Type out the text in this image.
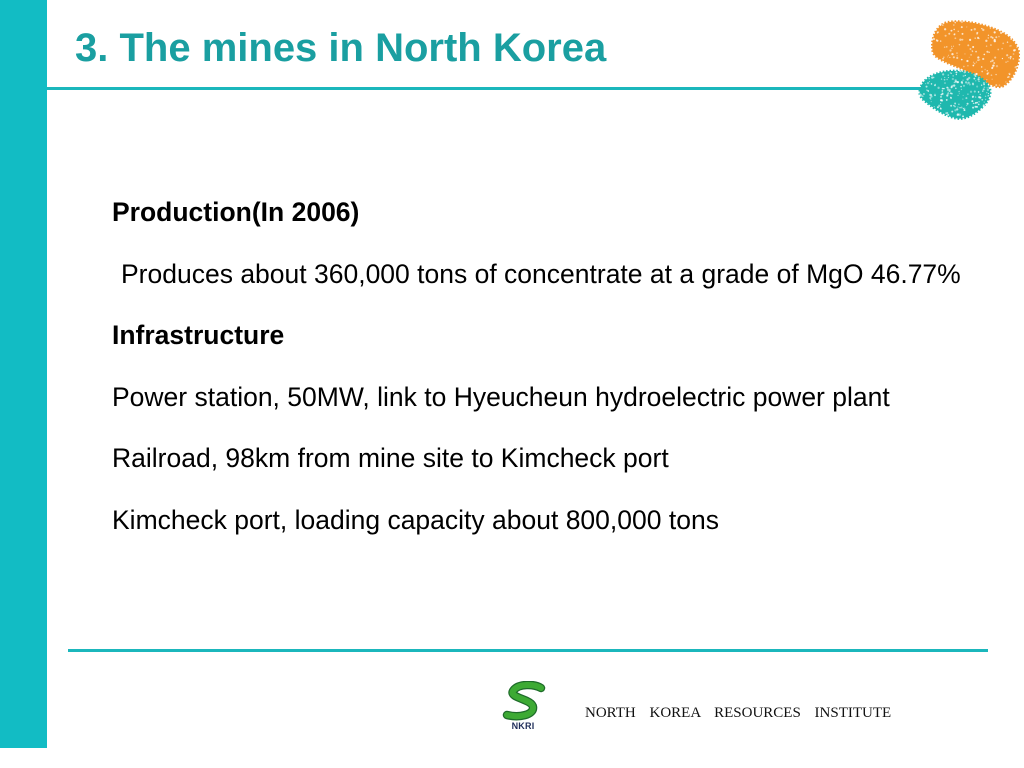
3. The mines in North Korea
Production(In 2006)
Produces about 360,000 tons of concentrate at a grade of MgO 46.77%
Infrastructure
Power station, 50MW, link to Hyeucheun hydroelectric power plant
Railroad, 98km from mine site to Kimcheck port
Kimcheck port, loading capacity about 800,000 tons
NKRI
NORTH KOREA RESOURCES INSTITUTE
